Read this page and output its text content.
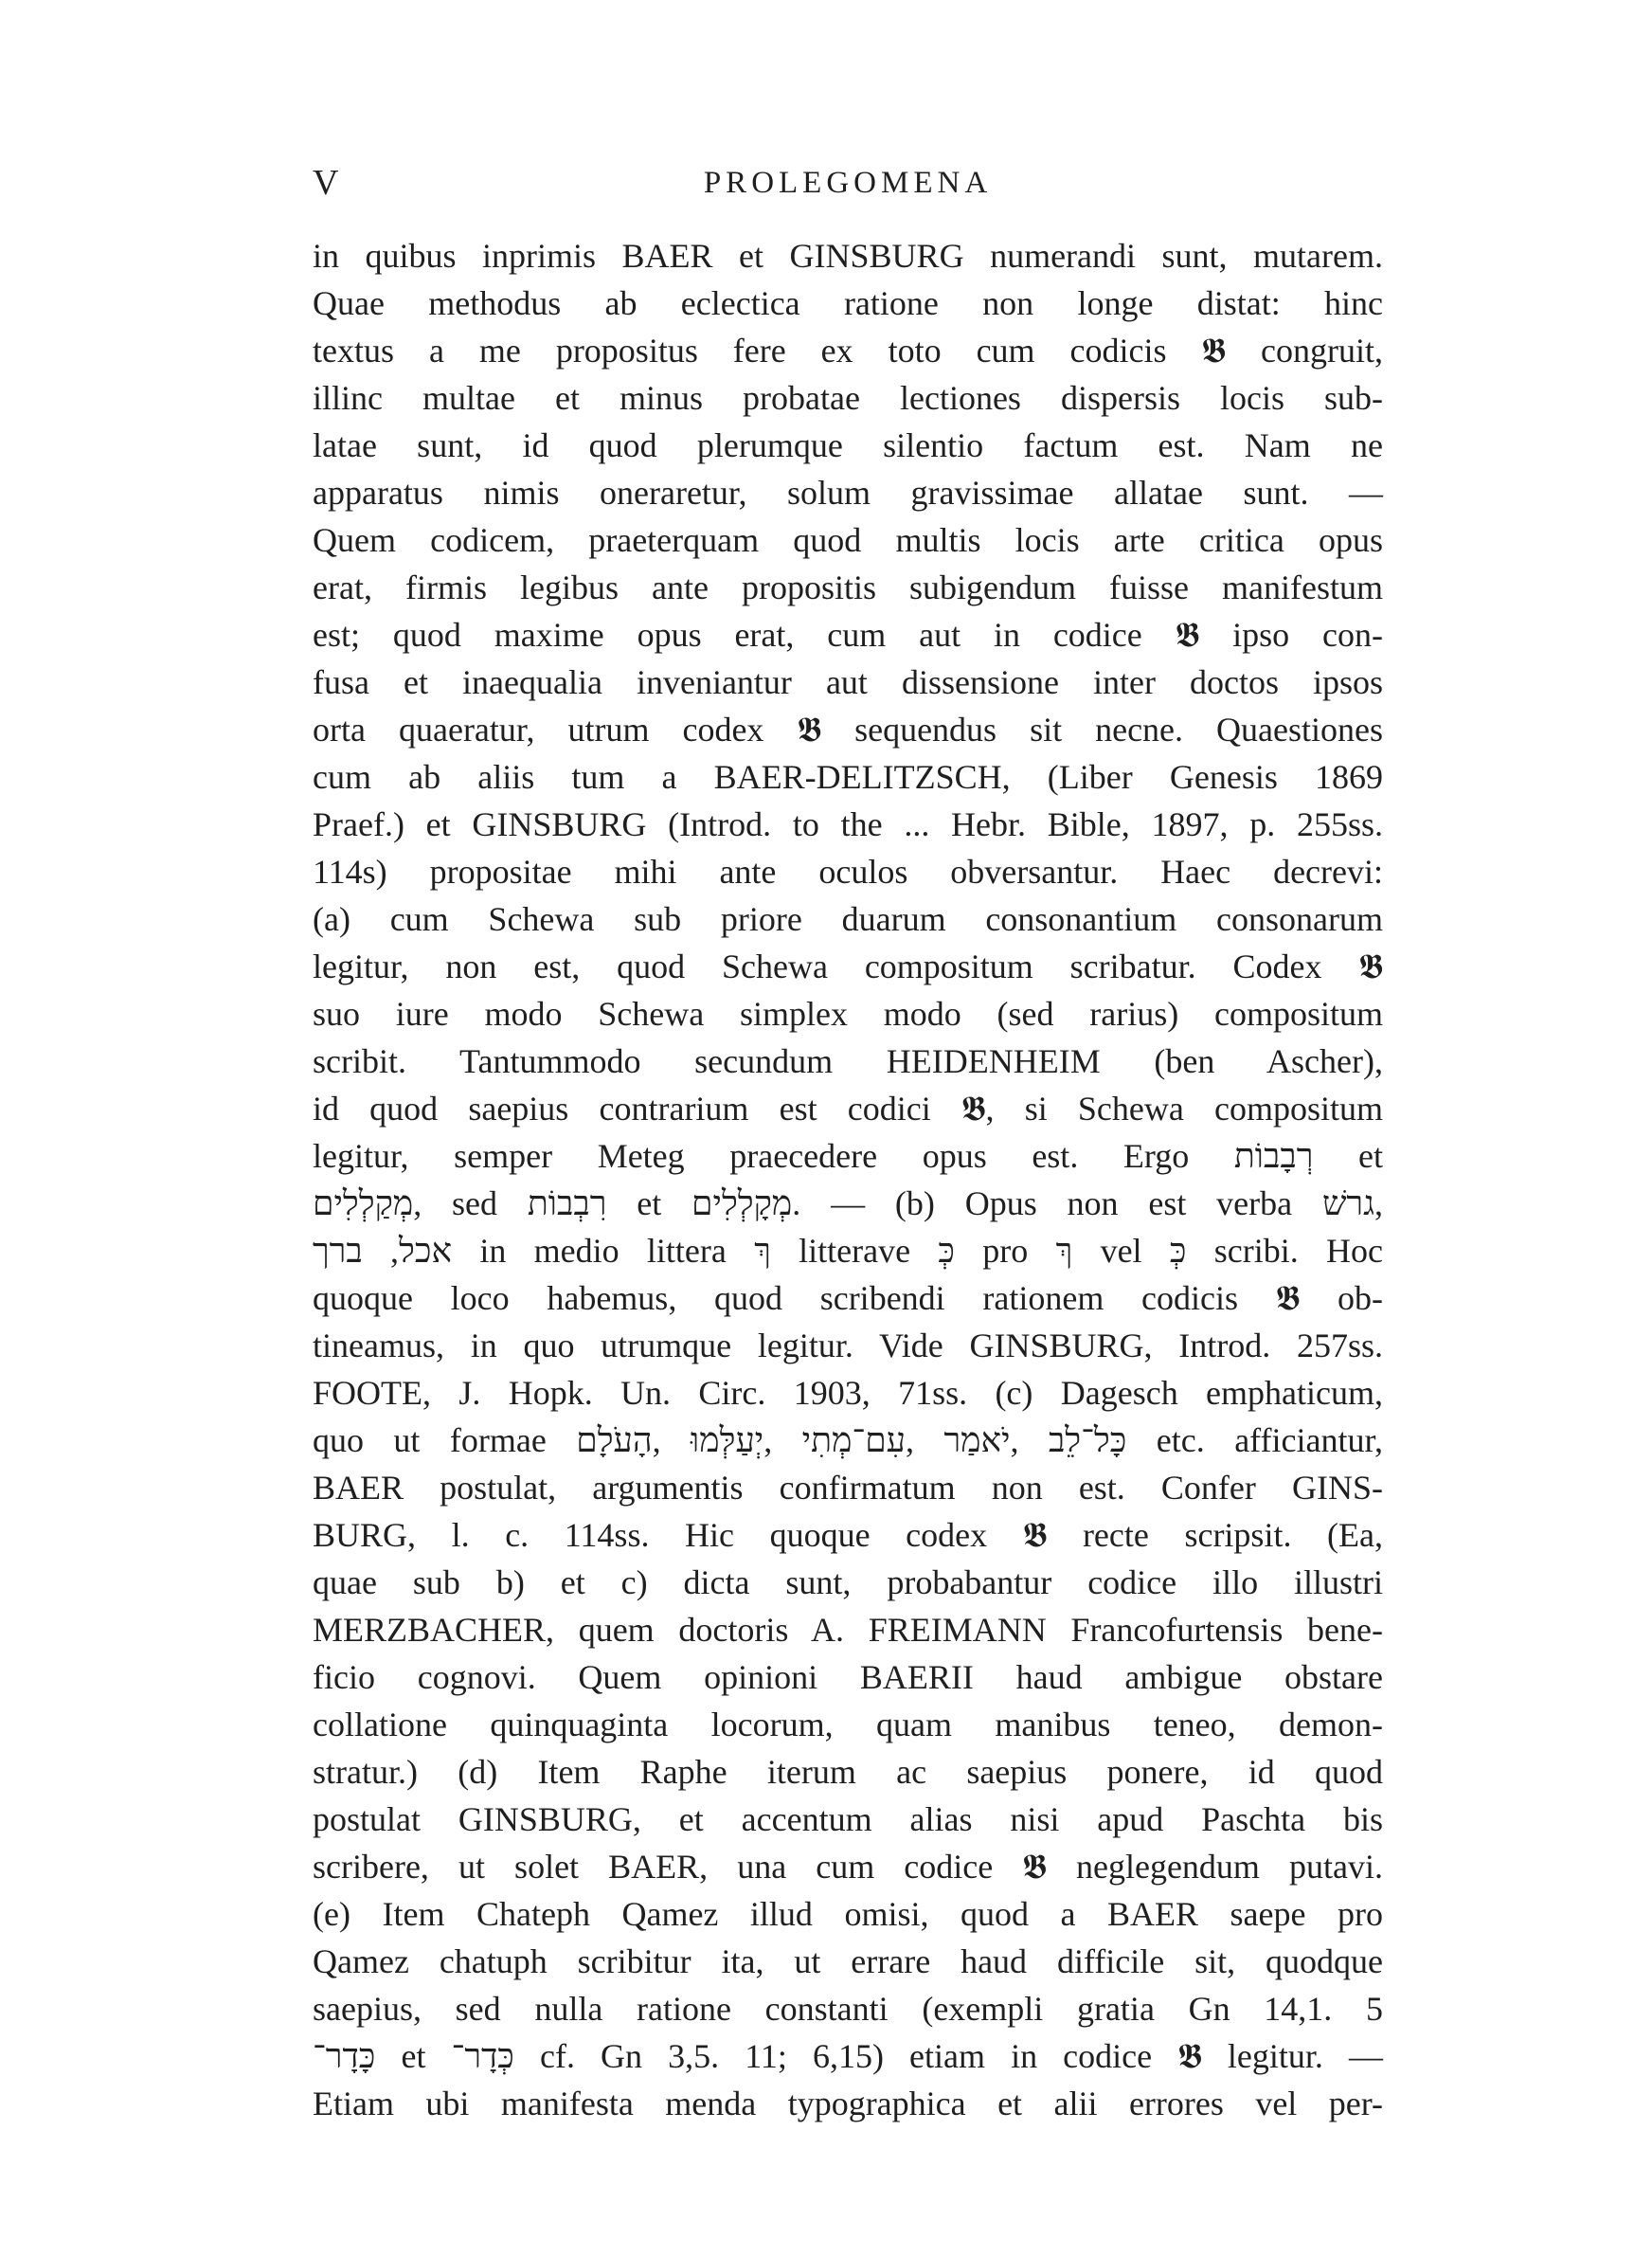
V	PROLEGOMENA
in quibus inprimis BAER et GINSBURG numerandi sunt, mutarem.
Quae methodus ab eclectica ratione non longe distat: hinc
textus a me propositus fere ex toto cum codicis 𝕭 congruit,
illinc multae et minus probatae lectiones dispersis locis sub-
latae sunt, id quod plerumque silentio factum est. Nam ne
apparatus nimis oneraretur, solum gravissimae allatae sunt. —
Quem codicem, praeterquam quod multis locis arte critica opus
erat, firmis legibus ante propositis subigendum fuisse manifestum
est; quod maxime opus erat, cum aut in codice 𝕭 ipso con-
fusa et inaequalia inveniantur aut dissensione inter doctos ipsos
orta quaeratur, utrum codex 𝕭 sequendus sit necne. Quaestiones
cum ab aliis tum a BAER-DELITZSCH, (Liber Genesis 1869
Praef.) et GINSBURG (Introd. to the ... Hebr. Bible, 1897, p. 255ss.
114s) propositae mihi ante oculos obversantur. Haec decrevi:
(a) cum Schewa sub priore duarum consonantium consonarum
legitur, non est, quod Schewa compositum scribatur. Codex 𝕭
suo iure modo Schewa simplex modo (sed rarius) compositum
scribit. Tantummodo secundum HEIDENHEIM (ben Ascher),
id quod saepius contrarium est codici 𝕭, si Schewa compositum
legitur, semper Meteg praecedere opus est. Ergo רְבָבוֹת et
מְקַלְלִים, sed רִבְבוֹת et מְקָלְלִים. — (b) Opus non est verba גרשׁ,
אכל, ברך in medio littera ךְ litterave כְּ pro ךְ vel כְּ scribi. Hoc
quoque loco habemus, quod scribendi rationem codicis 𝕭 ob-
tineamus, in quo utrumque legitur. Vide GINSBURG, Introd. 257ss.
FOOTE, J. Hopk. Un. Circ. 1903, 71ss. (c) Dagesch emphaticum,
quo ut formae כָּל־לֵב ,יֹאמַר ,עִם־מְתִי ,יְעַלְּמוּ ,הָעֹלָם etc. afficiantur,
BAER postulat, argumentis confirmatum non est. Confer GINS-
BURG, l. c. 114ss. Hic quoque codex 𝕭 recte scripsit. (Ea,
quae sub b) et c) dicta sunt, probabantur codice illo illustri
MERZBACHER, quem doctoris A. FREIMANN Francofurtensis bene-
ficio cognovi. Quem opinioni BAERII haud ambigue obstare
collatione quinquaginta locorum, quam manibus teneo, demon-
stratur.) (d) Item Raphe iterum ac saepius ponere, id quod
postulat GINSBURG, et accentum alias nisi apud Paschta bis
scribere, ut solet BAER, una cum codice 𝕭 neglegendum putavi.
(e) Item Chateph Qamez illud omisi, quod a BAER saepe pro
Qamez chatuph scribitur ita, ut errare haud difficile sit, quodque
saepius, sed nulla ratione constanti (exempli gratia Gn 14,1. 5
כָּדָר־ et כְּדָר־ cf. Gn 3,5. 11; 6,15) etiam in codice 𝕭 legitur. —
Etiam ubi manifesta menda typographica et alii errores vel per-
